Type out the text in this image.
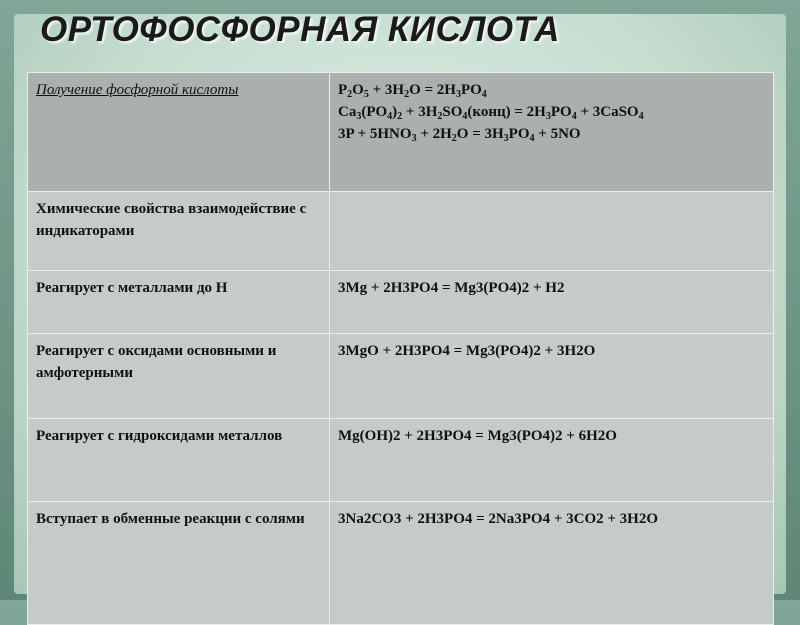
ОРТОФОСФОРНАЯ КИСЛОТА
Получение фосфорной кислоты	$P_2O_5 + 3H_2O = 2H_3PO_4$
$Ca_3(PO_4)_2$ + $3H_2SO_4(конц) = 2H_3PO_4$ + 3CaSO$_4$
$3P + 5HNO_3 + 2H_2O = 3H_3PO_4 + 5NO$

Химические свойства взаимодействие с индикаторами	
Реагирует с металлами до Н	3Mg + 2H3PO4 = Mg3(PO4)2 + H2
Реагирует с оксидами основными и амфотерными	3MgO + 2H3PO4 = Mg3(PO4)2 + 3H2O
Реагирует с гидроксидами металлов	Mg(OH)2 + 2H3PO4 = Mg3(PO4)2 + 6H2O
Вступает в обменные реакции с солями	3Na2CO3 + 2H3PO4 = 2Na3PO4 + 3CO2 + 3H2O
